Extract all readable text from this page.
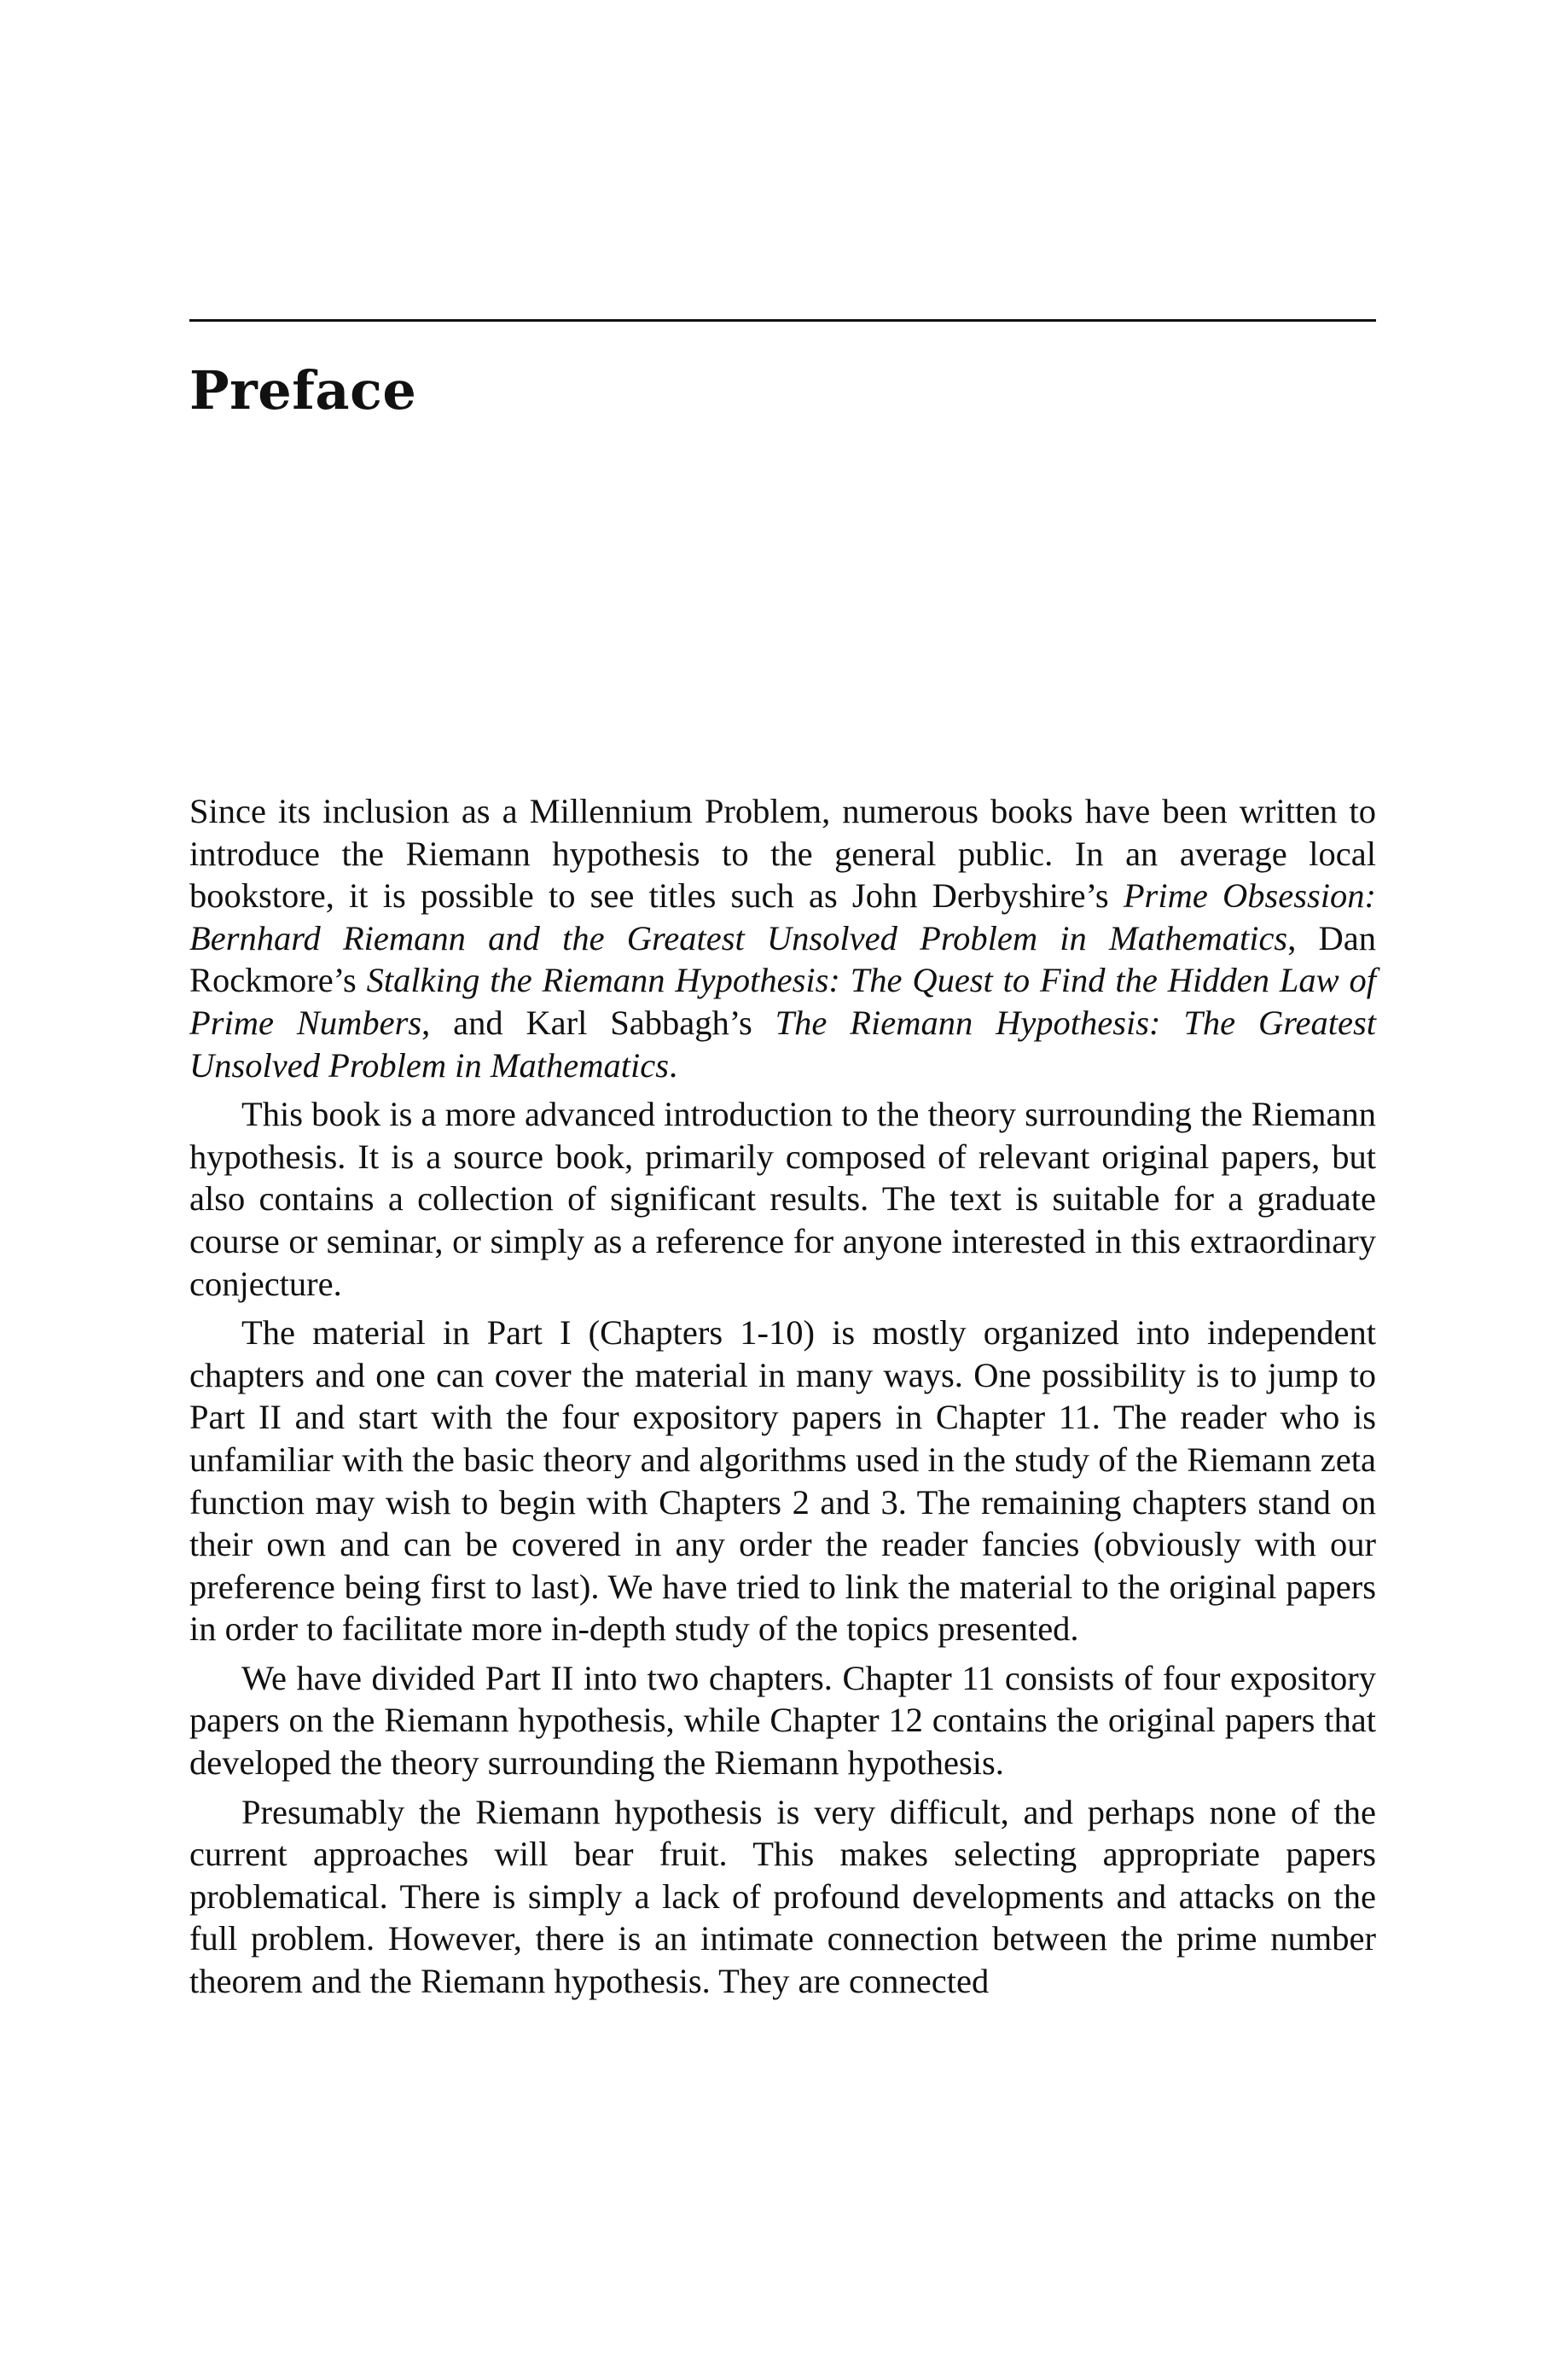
Preface

Since its inclusion as a Millennium Problem, numerous books have been written to introduce the Riemann hypothesis to the general public. In an average local bookstore, it is possible to see titles such as John Derbyshire’s Prime Obsession: Bernhard Riemann and the Greatest Unsolved Problem in Mathematics, Dan Rockmore’s Stalking the Riemann Hypothesis: The Quest to Find the Hidden Law of Prime Numbers, and Karl Sabbagh’s The Riemann Hypothesis: The Greatest Unsolved Problem in Mathematics.

This book is a more advanced introduction to the theory surrounding the Riemann hypothesis. It is a source book, primarily composed of relevant original papers, but also contains a collection of significant results. The text is suitable for a graduate course or seminar, or simply as a reference for anyone interested in this extraordinary conjecture.

The material in Part I (Chapters 1-10) is mostly organized into independent chapters and one can cover the material in many ways. One possibility is to jump to Part II and start with the four expository papers in Chapter 11. The reader who is unfamiliar with the basic theory and algorithms used in the study of the Riemann zeta function may wish to begin with Chapters 2 and 3. The remaining chapters stand on their own and can be covered in any order the reader fancies (obviously with our preference being first to last). We have tried to link the material to the original papers in order to facilitate more in-depth study of the topics presented.

We have divided Part II into two chapters. Chapter 11 consists of four expository papers on the Riemann hypothesis, while Chapter 12 contains the original papers that developed the theory surrounding the Riemann hypothesis.

Presumably the Riemann hypothesis is very difficult, and perhaps none of the current approaches will bear fruit. This makes selecting appropriate papers problematical. There is simply a lack of profound developments and attacks on the full problem. However, there is an intimate connection between the prime number theorem and the Riemann hypothesis. They are connected
